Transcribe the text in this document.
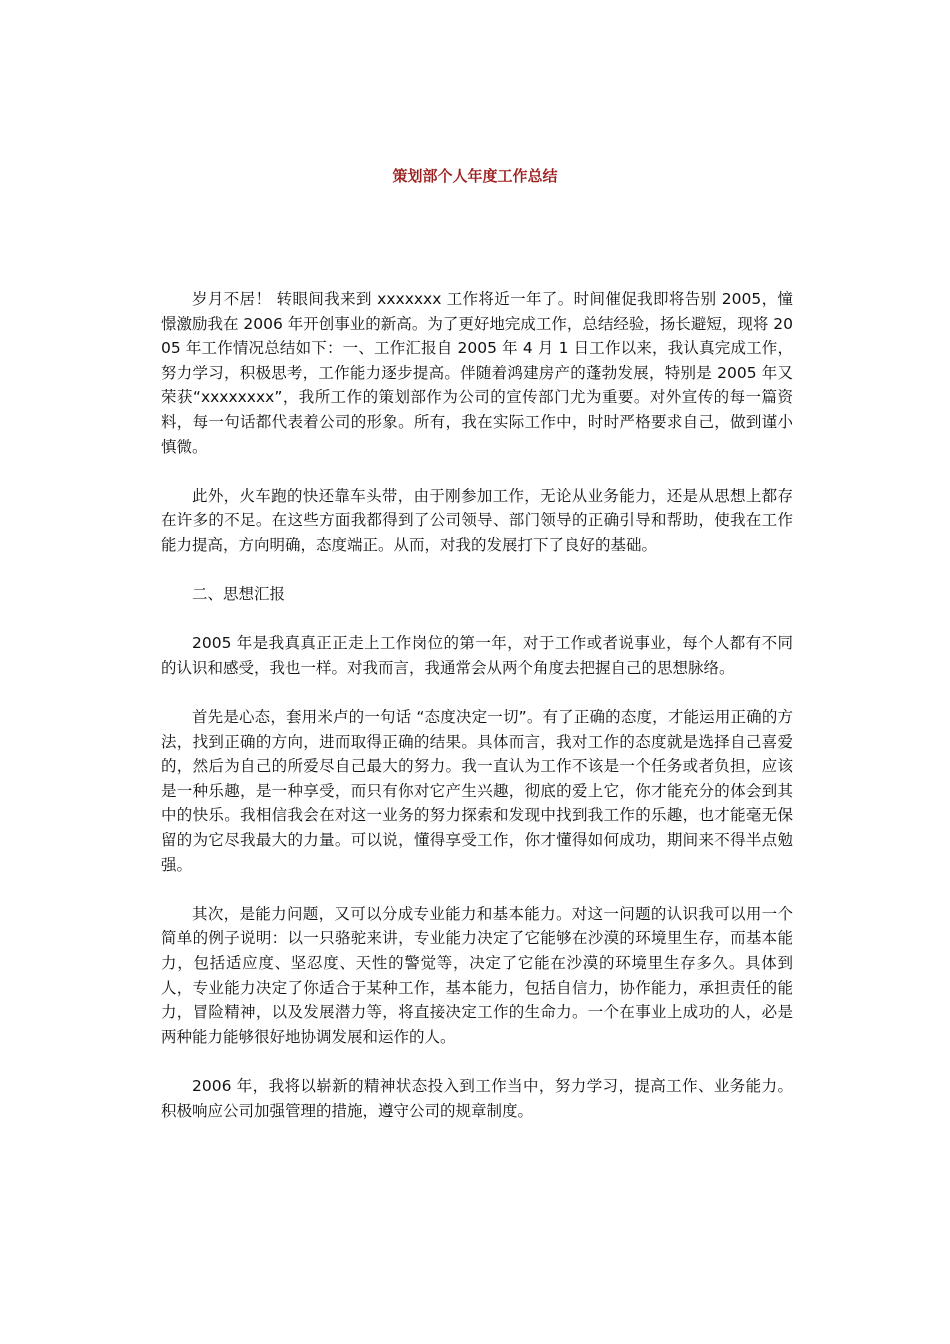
策划部个人年度工作总结

岁月不居！ 转眼间我来到 xxxxxxx 工作将近一年了。时间催促我即将告别 2005，憧憬激励我在 2006 年开创事业的新高。为了更好地完成工作，总结经验，扬长避短，现将 2005 年工作情况总结如下：一、工作汇报自 2005 年 4 月 1 日工作以来，我认真完成工作，努力学习，积极思考，工作能力逐步提高。伴随着鸿建房产的蓬勃发展，特别是 2005 年又荣获“xxxxxxxx”，我所工作的策划部作为公司的宣传部门尤为重要。对外宣传的每一篇资料，每一句话都代表着公司的形象。所有，我在实际工作中，时时严格要求自己，做到谨小慎微。

此外，火车跑的快还靠车头带，由于刚参加工作，无论从业务能力，还是从思想上都存在许多的不足。在这些方面我都得到了公司领导、部门领导的正确引导和帮助，使我在工作能力提高，方向明确，态度端正。从而，对我的发展打下了良好的基础。

二、思想汇报

2005 年是我真真正正走上工作岗位的第一年，对于工作或者说事业，每个人都有不同的认识和感受，我也一样。对我而言，我通常会从两个角度去把握自己的思想脉络。

首先是心态，套用米卢的一句话 “态度决定一切”。有了正确的态度，才能运用正确的方法，找到正确的方向，进而取得正确的结果。具体而言，我对工作的态度就是选择自己喜爱的，然后为自己的所爱尽自己最大的努力。我一直认为工作不该是一个任务或者负担，应该是一种乐趣，是一种享受，而只有你对它产生兴趣，彻底的爱上它，你才能充分的体会到其中的快乐。我相信我会在对这一业务的努力探索和发现中找到我工作的乐趣，也才能毫无保留的为它尽我最大的力量。可以说，懂得享受工作，你才懂得如何成功，期间来不得半点勉强。

其次，是能力问题，又可以分成专业能力和基本能力。对这一问题的认识我可以用一个简单的例子说明：以一只骆驼来讲，专业能力决定了它能够在沙漠的环境里生存，而基本能力，包括适应度、坚忍度、天性的警觉等，决定了它能在沙漠的环境里生存多久。具体到人，专业能力决定了你适合于某种工作，基本能力，包括自信力，协作能力，承担责任的能力，冒险精神，以及发展潜力等，将直接决定工作的生命力。一个在事业上成功的人，必是两种能力能够很好地协调发展和运作的人。

2006 年，我将以崭新的精神状态投入到工作当中，努力学习，提高工作、业务能力。积极响应公司加强管理的措施，遵守公司的规章制度。
